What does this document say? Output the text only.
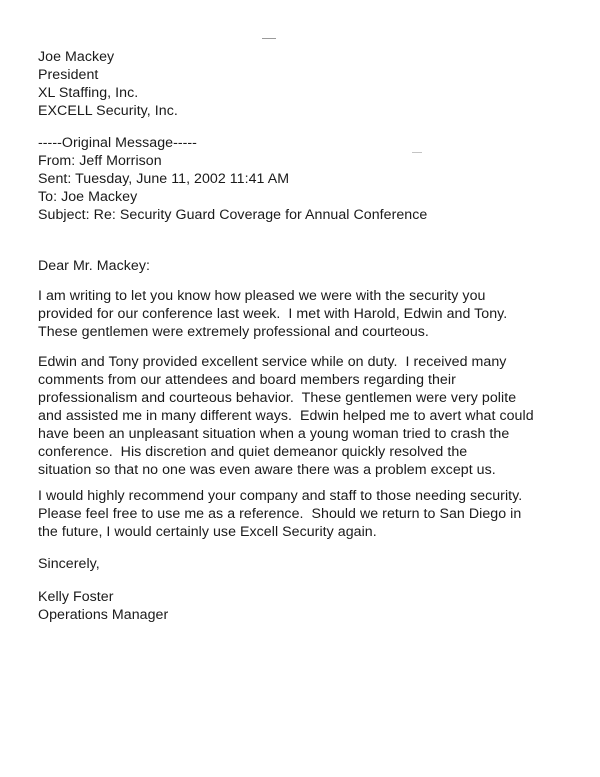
Joe Mackey
President
XL Staffing, Inc.
EXCELL Security, Inc.
-----Original Message-----
From: Jeff Morrison
Sent: Tuesday, June 11, 2002 11:41 AM
To: Joe Mackey
Subject: Re: Security Guard Coverage for Annual Conference
Dear Mr. Mackey:
I am writing to let you know how pleased we were with the security you
provided for our conference last week.  I met with Harold, Edwin and Tony.
These gentlemen were extremely professional and courteous.
Edwin and Tony provided excellent service while on duty.  I received many
comments from our attendees and board members regarding their
professionalism and courteous behavior.  These gentlemen were very polite
and assisted me in many different ways.  Edwin helped me to avert what could
have been an unpleasant situation when a young woman tried to crash the
conference.  His discretion and quiet demeanor quickly resolved the
situation so that no one was even aware there was a problem except us.
I would highly recommend your company and staff to those needing security.
Please feel free to use me as a reference.  Should we return to San Diego in
the future, I would certainly use Excell Security again.
Sincerely,
Kelly Foster
Operations Manager
